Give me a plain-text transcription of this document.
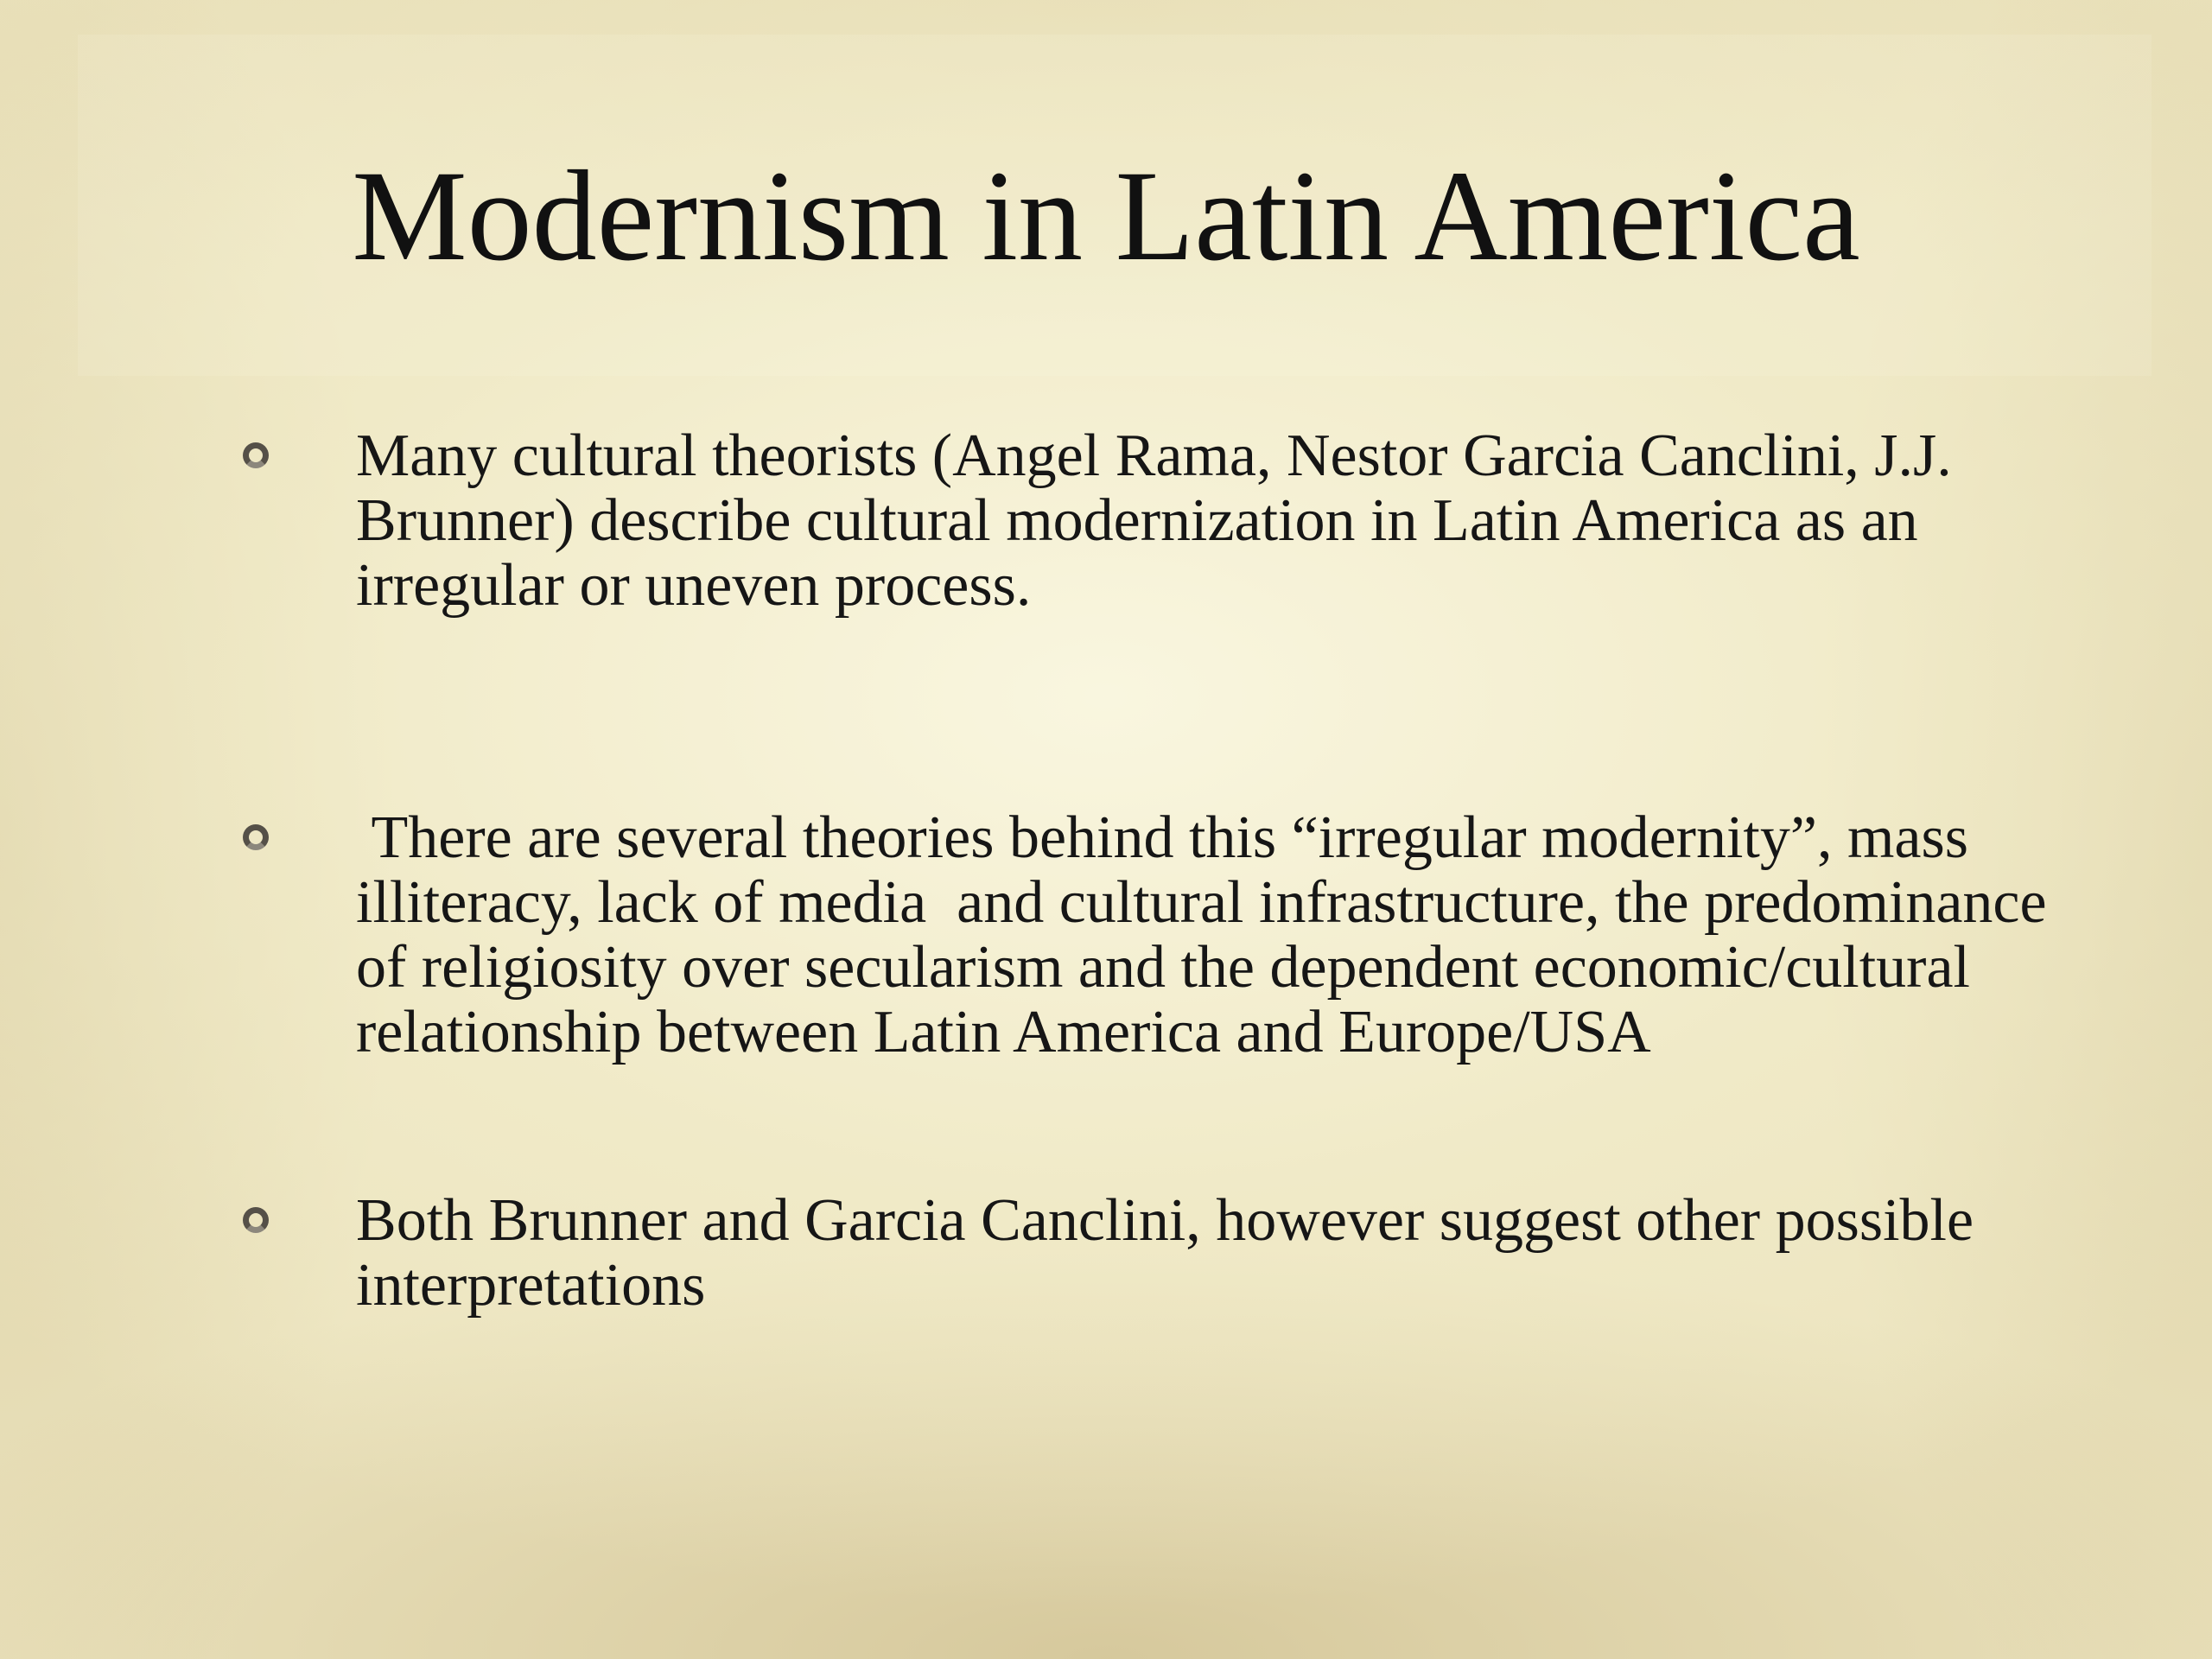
Modernism in Latin America
Many cultural theorists (Angel Rama, Nestor Garcia Canclini, J.J. Brunner) describe cultural modernization in Latin America as an irregular or uneven process.
There are several theories behind this “irregular modernity”, mass illiteracy, lack of media  and cultural infrastructure, the predominance of religiosity over secularism and the dependent economic/cultural relationship between Latin America and Europe/USA
Both Brunner and Garcia Canclini, however suggest other possible interpretations
